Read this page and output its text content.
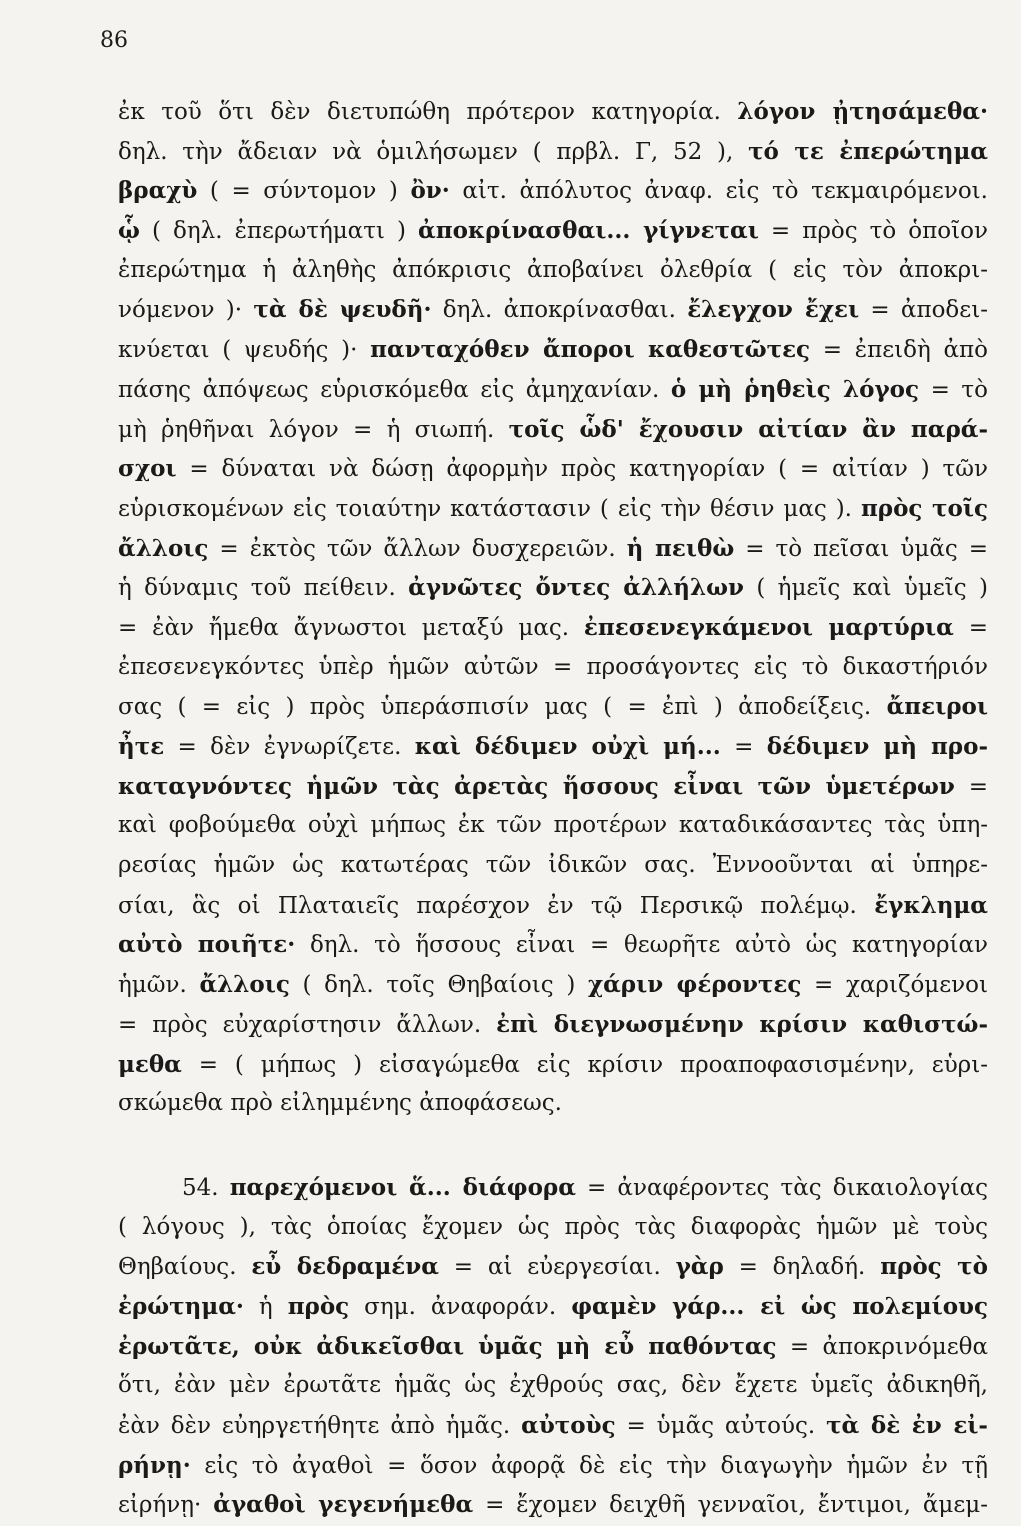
86
ἐκ τοῦ ὅτι δὲν διετυπώθη πρότερον κατηγορία. λόγον ᾐτησάμεθα·
δηλ. τὴν ἄδειαν νὰ ὁμιλήσωμεν ( πρβλ. Γ, 52 ), τό τε ἐπερώτημα
βραχὺ ( = σύντομον ) ὂν· αἰτ. ἀπόλυτος ἀναφ. εἰς τὸ τεκμαιρόμενοι.
ᾧ ( δηλ. ἐπερωτήματι ) ἀποκρίνασθαι... γίγνεται = πρὸς τὸ ὁποῖον
ἐπερώτημα ἡ ἀληθὴς ἀπόκρισις ἀποβαίνει ὀλεθρία ( εἰς τὸν ἀποκρι-
νόμενον )· τὰ δὲ ψευδῆ· δηλ. ἀποκρίνασθαι. ἔλεγχον ἔχει = ἀποδει-
κνύεται ( ψευδής )· πανταχόθεν ἄποροι καθεστῶτες = ἐπειδὴ ἀπὸ
πάσης ἀπόψεως εὑρισκόμεθα εἰς ἀμηχανίαν. ὁ μὴ ῥηθεὶς λόγος = τὸ
μὴ ῥηθῆναι λόγον = ἡ σιωπή. τοῖς ὧδ' ἔχουσιν αἰτίαν ἂν παρά-
σχοι = δύναται νὰ δώσῃ ἀφορμὴν πρὸς κατηγορίαν ( = αἰτίαν ) τῶν
εὑρισκομένων εἰς τοιαύτην κατάστασιν ( εἰς τὴν θέσιν μας ). πρὸς τοῖς
ἄλλοις = ἐκτὸς τῶν ἄλλων δυσχερειῶν. ἡ πειθὼ = τὸ πεῖσαι ὑμᾶς =
ἡ δύναμις τοῦ πείθειν. ἀγνῶτες ὄντες ἀλλήλων ( ἡμεῖς καὶ ὑμεῖς )
= ἐὰν ἤμεθα ἄγνωστοι μεταξύ μας. ἐπεσενεγκάμενοι μαρτύρια =
ἐπεσενεγκόντες ὑπὲρ ἡμῶν αὐτῶν = προσάγοντες εἰς τὸ δικαστήριόν
σας ( = εἰς ) πρὸς ὑπεράσπισίν μας ( = ἐπὶ ) ἀποδείξεις. ἄπειροι
ἦτε = δὲν ἐγνωρίζετε. καὶ δέδιμεν οὐχὶ μή... = δέδιμεν μὴ προ-
καταγνόντες ἡμῶν τὰς ἀρετὰς ἥσσους εἶναι τῶν ὑμετέρων =
καὶ φοβούμεθα οὐχὶ μήπως ἐκ τῶν προτέρων καταδικάσαντες τὰς ὑπη-
ρεσίας ἡμῶν ὡς κατωτέρας τῶν ἰδικῶν σας. Ἐννοοῦνται αἱ ὑπηρε-
σίαι, ἃς οἱ Πλαταιεῖς παρέσχον ἐν τῷ Περσικῷ πολέμῳ. ἔγκλημα
αὐτὸ ποιῆτε· δηλ. τὸ ἥσσους εἶναι = θεωρῆτε αὐτὸ ὡς κατηγορίαν
ἡμῶν. ἄλλοις ( δηλ. τοῖς Θηβαίοις ) χάριν φέροντες = χαριζόμενοι
= πρὸς εὐχαρίστησιν ἄλλων. ἐπὶ διεγνωσμένην κρίσιν καθιστώ-
μεθα = ( μήπως ) εἰσαγώμεθα εἰς κρίσιν προαποφασισμένην, εὑρι-
σκώμεθα πρὸ εἰλημμένης ἀποφάσεως.
54. παρεχόμενοι ἅ... διάφορα = ἀναφέροντες τὰς δικαιολογίας
( λόγους ), τὰς ὁποίας ἔχομεν ὡς πρὸς τὰς διαφορὰς ἡμῶν μὲ τοὺς
Θηβαίους. εὖ δεδραμένα = αἱ εὐεργεσίαι. γὰρ = δηλαδή. πρὸς τὸ
ἐρώτημα· ἡ πρὸς σημ. ἀναφοράν. φαμὲν γάρ... εἰ ὡς πολεμίους
ἐρωτᾶτε, οὐκ ἀδικεῖσθαι ὑμᾶς μὴ εὖ παθόντας = ἀποκρινόμεθα
ὅτι, ἐὰν μὲν ἐρωτᾶτε ἡμᾶς ὡς ἐχθρούς σας, δὲν ἔχετε ὑμεῖς ἀδικηθῆ,
ἐὰν δὲν εὐηργετήθητε ἀπὸ ἡμᾶς. αὐτοὺς = ὑμᾶς αὐτούς. τὰ δὲ ἐν εἰ-
ρήνῃ· εἰς τὸ ἀγαθοὶ = ὅσον ἀφορᾷ δὲ εἰς τὴν διαγωγὴν ἡμῶν ἐν τῇ
εἰρήνῃ· ἀγαθοὶ γεγενήμεθα = ἔχομεν δειχθῆ γενναῖοι, ἔντιμοι, ἄμεμ-
